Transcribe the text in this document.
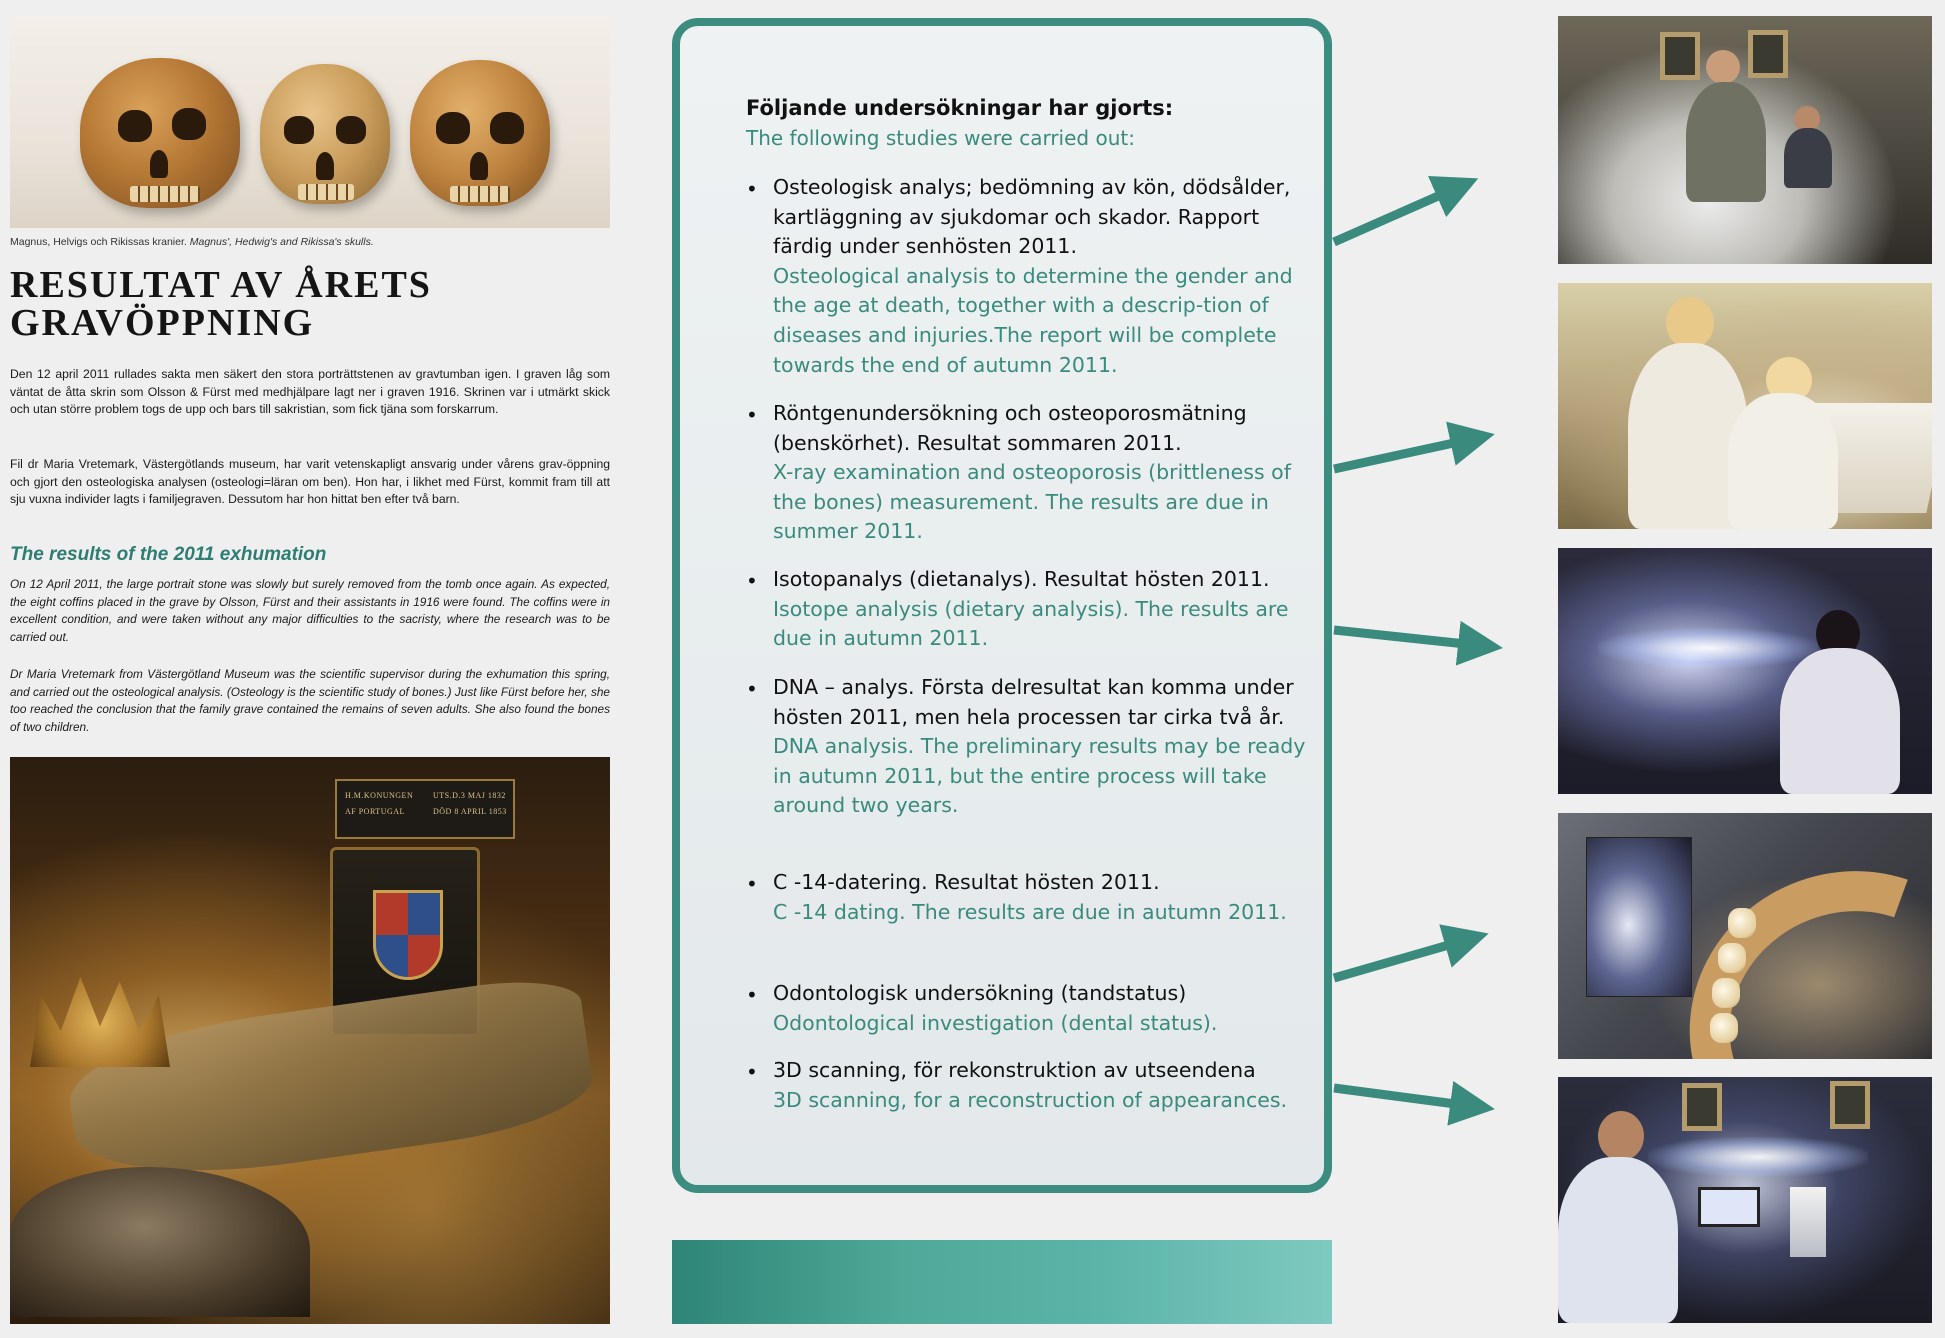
Magnus, Helvigs och Rikissas kranier. Magnus', Hedwig's and Rikissa's skulls.
RESULTAT AV ÅRETS
GRAVÖPPNING

Den 12 april 2011 rullades sakta men säkert den stora porträttstenen av gravtumban igen. I graven låg som väntat de åtta skrin som Olsson & Fürst med medhjälpare lagt ner i graven 1916. Skrinen var i utmärkt skick och utan större problem togs de upp och bars till sakristian, som fick tjäna som forskarrum.

Fil dr Maria Vretemark, Västergötlands museum, har varit vetenskapligt ansvarig under vårens grav-öppning och gjort den osteologiska analysen (osteologi=läran om ben). Hon har, i likhet med Fürst, kommit fram till att sju vuxna individer lagts i familjegraven. Dessutom har hon hittat ben efter två barn.

The results of the 2011 exhumation

On 12 April 2011, the large portrait stone was slowly but surely removed from the tomb once again. As expected, the eight coffins placed in the grave by Olsson, Fürst and their assistants in 1916 were found. The coffins were in excellent condition, and were taken without any major difficulties to the sacristy, where the research was to be carried out.

Dr Maria Vretemark from Västergötland Museum was the scientific supervisor during the exhumation this spring, and carried out the osteological analysis. (Osteology is the scientific study of bones.) Just like Fürst before her, she too reached the conclusion that the family grave contained the remains of seven adults. She also found the bones of two children.

H.M.KONUNGEN
AF PORTUGAL
UTS.D.3 MAJ 1832
DÖD 8 APRIL 1853
Följande undersökningar har gjorts:
The following studies were carried out:
• Osteologisk analys; bedömning av kön, dödsålder, kartläggning av sjukdomar och skador. Rapport färdig under senhösten 2011.
Osteological analysis to determine the gender and the age at death, together with a descrip-tion of diseases and injuries.The report will be complete towards the end of autumn 2011.
• Röntgenundersökning och osteoporosmätning (benskörhet). Resultat sommaren 2011.
X-ray examination and osteoporosis (brittleness of the bones) measurement. The results are due in summer 2011.
• Isotopanalys (dietanalys). Resultat hösten 2011.
Isotope analysis (dietary analysis). The results are due in autumn 2011.
• DNA – analys. Första delresultat kan komma under hösten 2011, men hela processen tar cirka två år.
DNA analysis. The preliminary results may be ready in autumn 2011, but the entire process will take around two years.
• C -14-datering. Resultat hösten 2011.
C -14 dating. The results are due in autumn 2011.
• Odontologisk undersökning (tandstatus)
Odontological investigation (dental status).
• 3D scanning, för rekonstruktion av utseendena
3D scanning, for a reconstruction of appearances.
